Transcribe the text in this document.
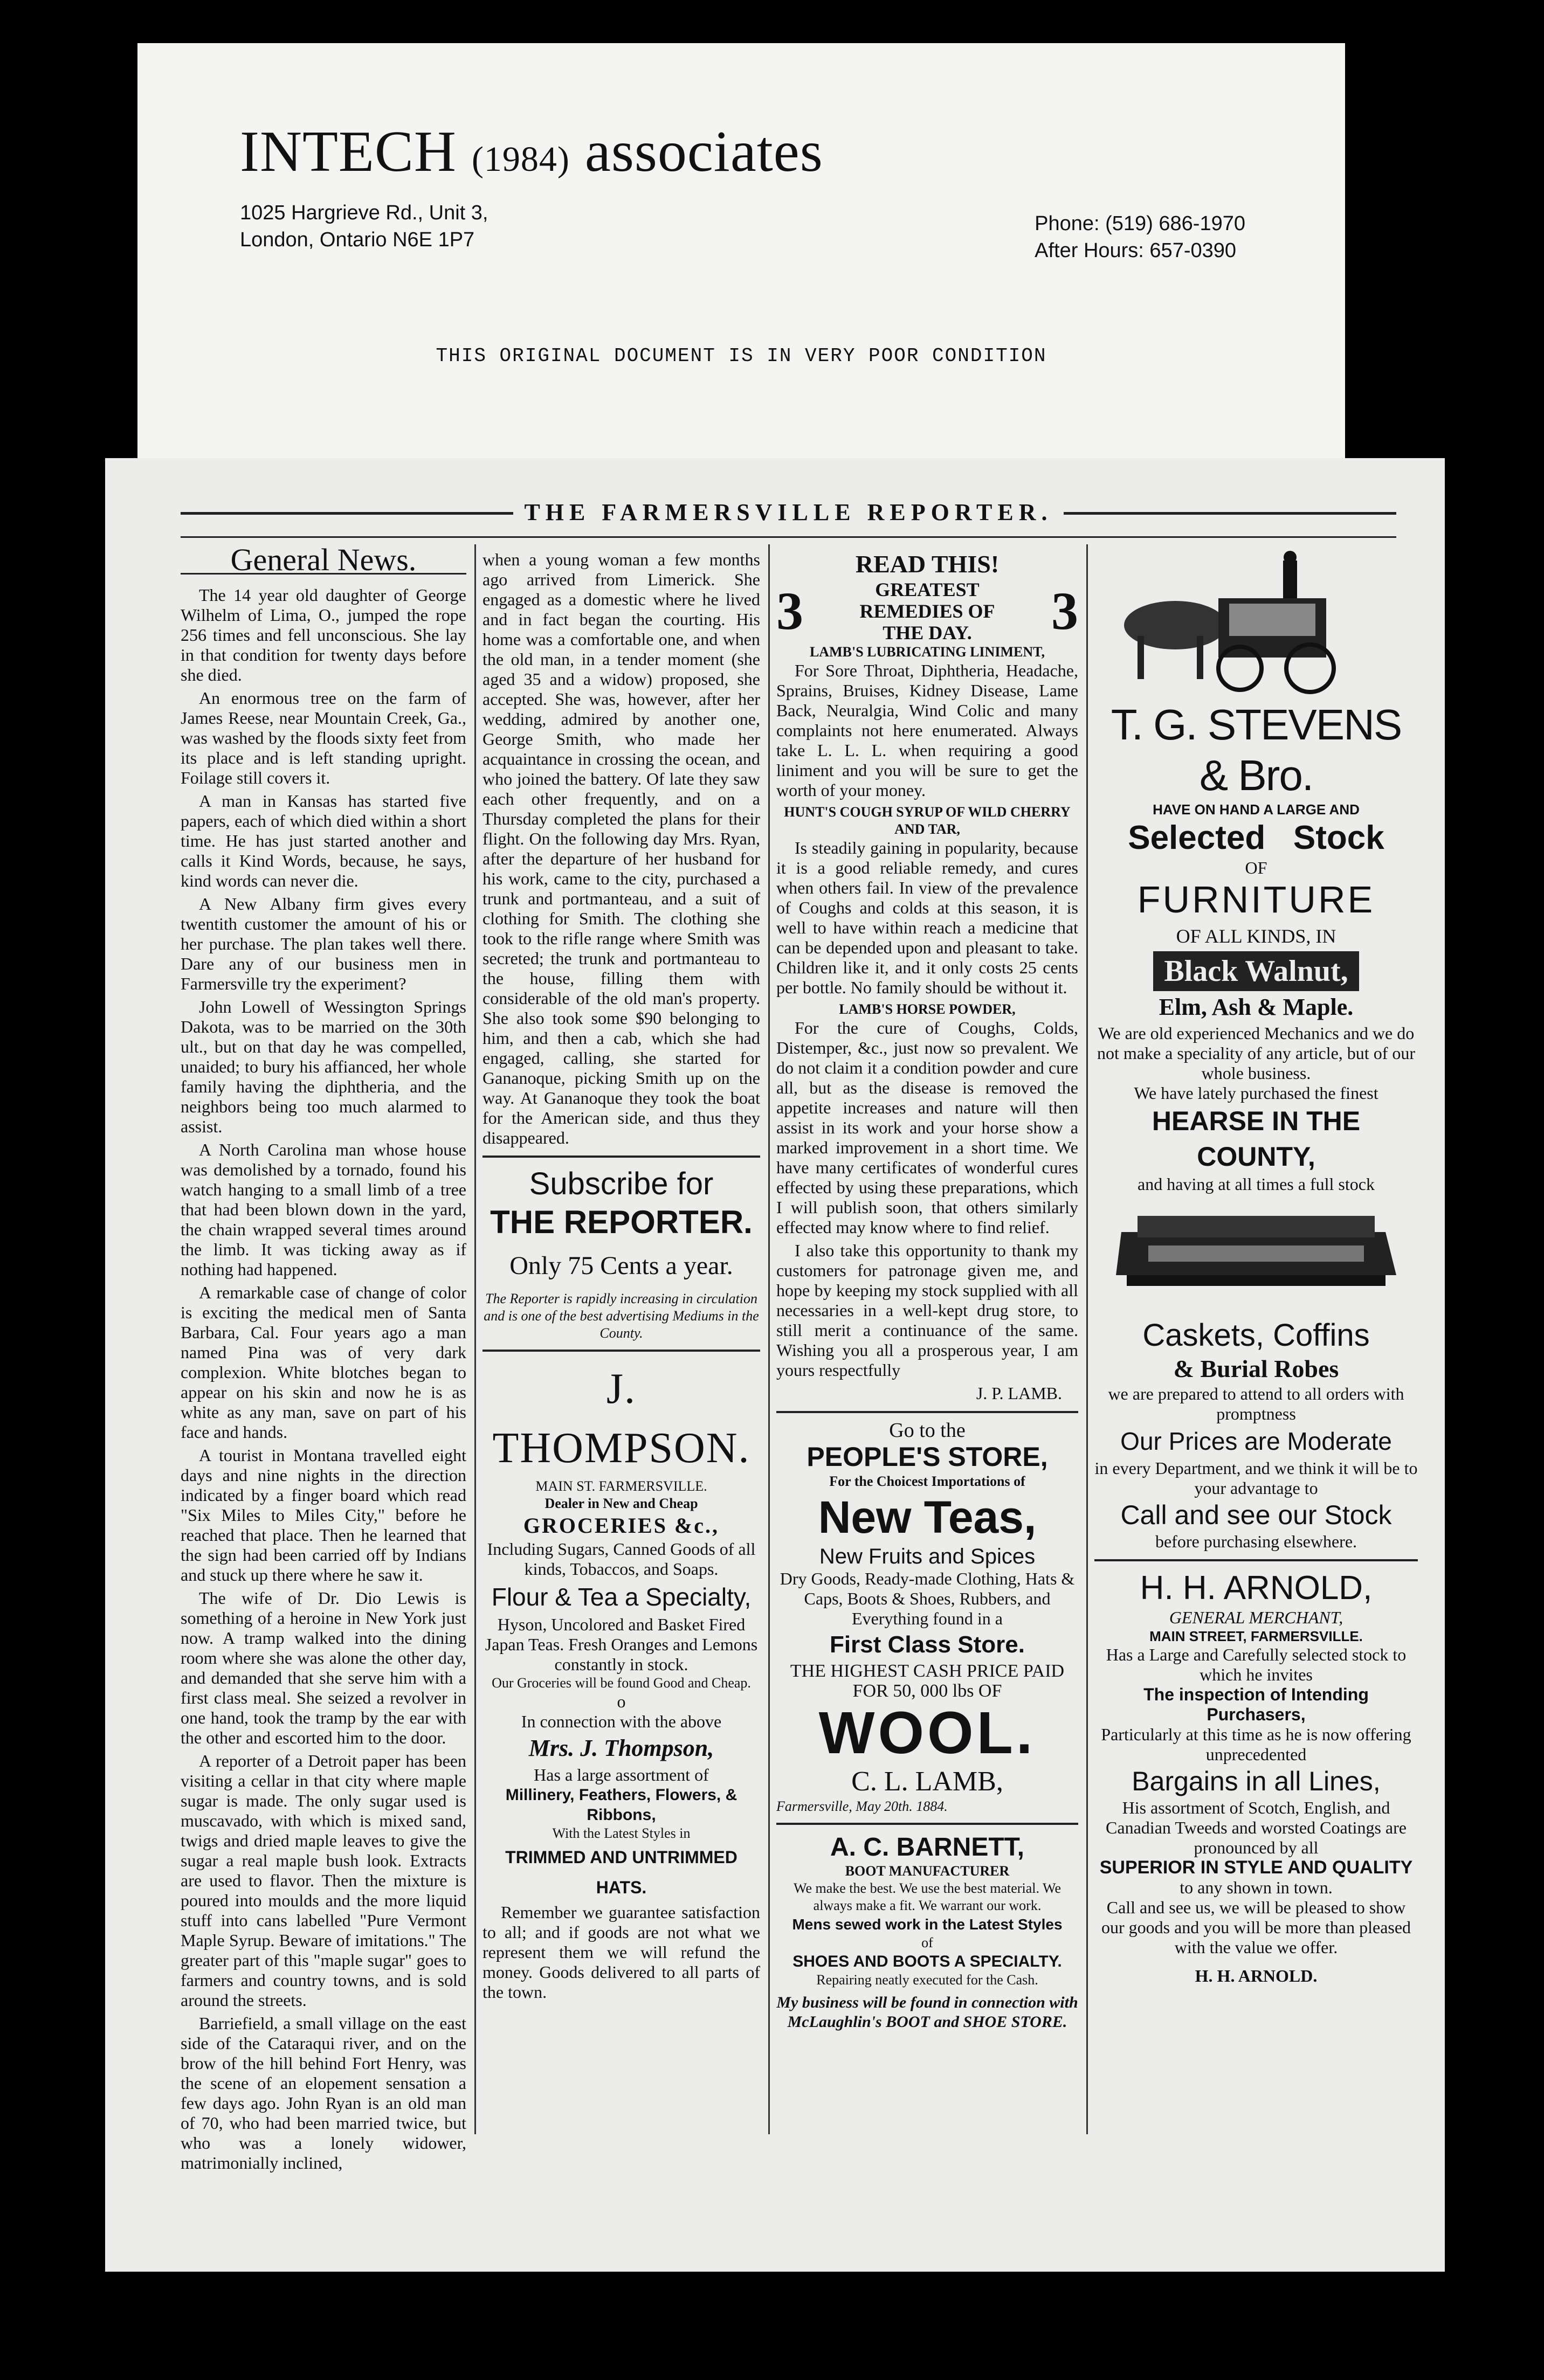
INTECH (1984) associates
1025 Hargrieve Rd., Unit 3,
London, Ontario N6E 1P7
Phone: (519) 686-1970
After Hours: 657-0390
THIS ORIGINAL DOCUMENT IS IN VERY POOR CONDITION
THE FARMERSVILLE REPORTER.
General News.

The 14 year old daughter of George Wilhelm of Lima, O., jumped the rope 256 times and fell unconscious. She lay in that condition for twenty days before she died.

An enormous tree on the farm of James Reese, near Mountain Creek, Ga., was washed by the floods sixty feet from its place and is left standing upright. Foilage still covers it.

A man in Kansas has started five papers, each of which died within a short time. He has just started another and calls it Kind Words, because, he says, kind words can never die.

A New Albany firm gives every twentith customer the amount of his or her purchase. The plan takes well there. Dare any of our business men in Farmersville try the experiment?

John Lowell of Wessington Springs Dakota, was to be married on the 30th ult., but on that day he was compelled, unaided; to bury his affianced, her whole family having the diphtheria, and the neighbors being too much alarmed to assist.

A North Carolina man whose house was demolished by a tornado, found his watch hanging to a small limb of a tree that had been blown down in the yard, the chain wrapped several times around the limb. It was ticking away as if nothing had happened.

A remarkable case of change of color is exciting the medical men of Santa Barbara, Cal. Four years ago a man named Pina was of very dark complexion. White blotches began to appear on his skin and now he is as white as any man, save on part of his face and hands.

A tourist in Montana travelled eight days and nine nights in the direction indicated by a finger board which read "Six Miles to Miles City," before he reached that place. Then he learned that the sign had been carried off by Indians and stuck up there where he saw it.

The wife of Dr. Dio Lewis is something of a heroine in New York just now. A tramp walked into the dining room where she was alone the other day, and demanded that she serve him with a first class meal. She seized a revolver in one hand, took the tramp by the ear with the other and escorted him to the door.

A reporter of a Detroit paper has been visiting a cellar in that city where maple sugar is made. The only sugar used is muscavado, with which is mixed sand, twigs and dried maple leaves to give the sugar a real maple bush look. Extracts are used to flavor. Then the mixture is poured into moulds and the more liquid stuff into cans labelled "Pure Vermont Maple Syrup. Beware of imitations." The greater part of this "maple sugar" goes to farmers and country towns, and is sold around the streets.

Barriefield, a small village on the east side of the Cataraqui river, and on the brow of the hill behind Fort Henry, was the scene of an elopement sensation a few days ago. John Ryan is an old man of 70, who had been married twice, but who was a lonely widower, matrimonially inclined,

when a young woman a few months ago arrived from Limerick. She engaged as a domestic where he lived and in fact began the courting. His home was a comfortable one, and when the old man, in a tender moment (she aged 35 and a widow) proposed, she accepted. She was, however, after her wedding, admired by another one, George Smith, who made her acquaintance in crossing the ocean, and who joined the battery. Of late they saw each other frequently, and on a Thursday completed the plans for their flight. On the following day Mrs. Ryan, after the departure of her husband for his work, came to the city, purchased a trunk and portmanteau, and a suit of clothing for Smith. The clothing she took to the rifle range where Smith was secreted; the trunk and portmanteau to the house, filling them with considerable of the old man's property. She also took some $90 belonging to him, and then a cab, which she had engaged, calling, she started for Gananoque, picking Smith up on the way. At Gananoque they took the boat for the American side, and thus they disappeared.

Subscribe for
THE REPORTER.
Only 75 Cents a year.
The Reporter is rapidly increasing in circulation and is one of the best advertising Mediums in the County.
J. THOMPSON.
MAIN ST. FARMERSVILLE.
Dealer in New and Cheap
GROCERIES &c.,
Including Sugars, Canned Goods of all kinds, Tobaccos, and Soaps.
Flour & Tea a Specialty,
Hyson, Uncolored and Basket Fired Japan Teas. Fresh Oranges and Lemons constantly in stock.
Our Groceries will be found Good and Cheap.
o
In connection with the above
Mrs. J. Thompson,
Has a large assortment of
Millinery, Feathers, Flowers, & Ribbons,
With the Latest Styles in
TRIMMED AND UNTRIMMED HATS.

Remember we guarantee satisfaction to all; and if goods are not what we represent them we will refund the money. Goods delivered to all parts of the town.

READ THIS!
3	GREATEST REMEDIES OF THE DAY.	3
LAMB'S LUBRICATING LINIMENT,

For Sore Throat, Diphtheria, Headache, Sprains, Bruises, Kidney Disease, Lame Back, Neuralgia, Wind Colic and many complaints not here enumerated. Always take L. L. L. when requiring a good liniment and you will be sure to get the worth of your money.

HUNT'S COUGH SYRUP OF WILD CHERRY AND TAR,

Is steadily gaining in popularity, because it is a good reliable remedy, and cures when others fail. In view of the prevalence of Coughs and colds at this season, it is well to have within reach a medicine that can be depended upon and pleasant to take. Children like it, and it only costs 25 cents per bottle. No family should be without it.

LAMB'S HORSE POWDER,

For the cure of Coughs, Colds, Distemper, &c., just now so prevalent. We do not claim it a condition powder and cure all, but as the disease is removed the appetite increases and nature will then assist in its work and your horse show a marked improvement in a short time. We have many certificates of wonderful cures effected by using these preparations, which I will publish soon, that others similarly effected may know where to find relief.

I also take this opportunity to thank my customers for patronage given me, and hope by keeping my stock supplied with all necessaries in a well-kept drug store, to still merit a continuance of the same. Wishing you all a prosperous year, I am yours respectfully

J. P. LAMB.
Go to the
PEOPLE'S STORE,
For the Choicest Importations of
New Teas,
New Fruits and Spices
Dry Goods, Ready-made Clothing, Hats & Caps, Boots & Shoes, Rubbers, and Everything found in a
First Class Store.
THE HIGHEST CASH PRICE PAID FOR 50, 000 lbs OF
WOOL.
C. L. LAMB,
Farmersville, May 20th. 1884.
A. C. BARNETT,
BOOT MANUFACTURER
We make the best. We use the best material. We always make a fit. We warrant our work.
Mens sewed work in the Latest Styles
of
SHOES AND BOOTS A SPECIALTY.
Repairing neatly executed for the Cash.
My business will be found in connection with McLaughlin's BOOT and SHOE STORE.
T. G. STEVENS & Bro.
HAVE ON HAND A LARGE AND
Selected   Stock
OF
FURNITURE
OF ALL KINDS, IN
Black Walnut,
Elm, Ash & Maple.
We are old experienced Mechanics and we do not make a speciality of any article, but of our whole business.
We have lately purchased the finest
HEARSE IN THE COUNTY,
and having at all times a full stock
Caskets, Coffins
& Burial Robes
we are prepared to attend to all orders with promptness
Our Prices are Moderate
in every Department, and we think it will be to your advantage to
Call and see our Stock
before purchasing elsewhere.
H. H. ARNOLD,
GENERAL MERCHANT,
MAIN STREET, FARMERSVILLE.
Has a Large and Carefully selected stock to which he invites
The inspection of Intending Purchasers,
Particularly at this time as he is now offering unprecedented
Bargains in all Lines,
His assortment of Scotch, English, and Canadian Tweeds and worsted Coatings are pronounced by all
SUPERIOR IN STYLE AND QUALITY
to any shown in town.
Call and see us, we will be pleased to show our goods and you will be more than pleased with the value we offer.
H. H. ARNOLD.
